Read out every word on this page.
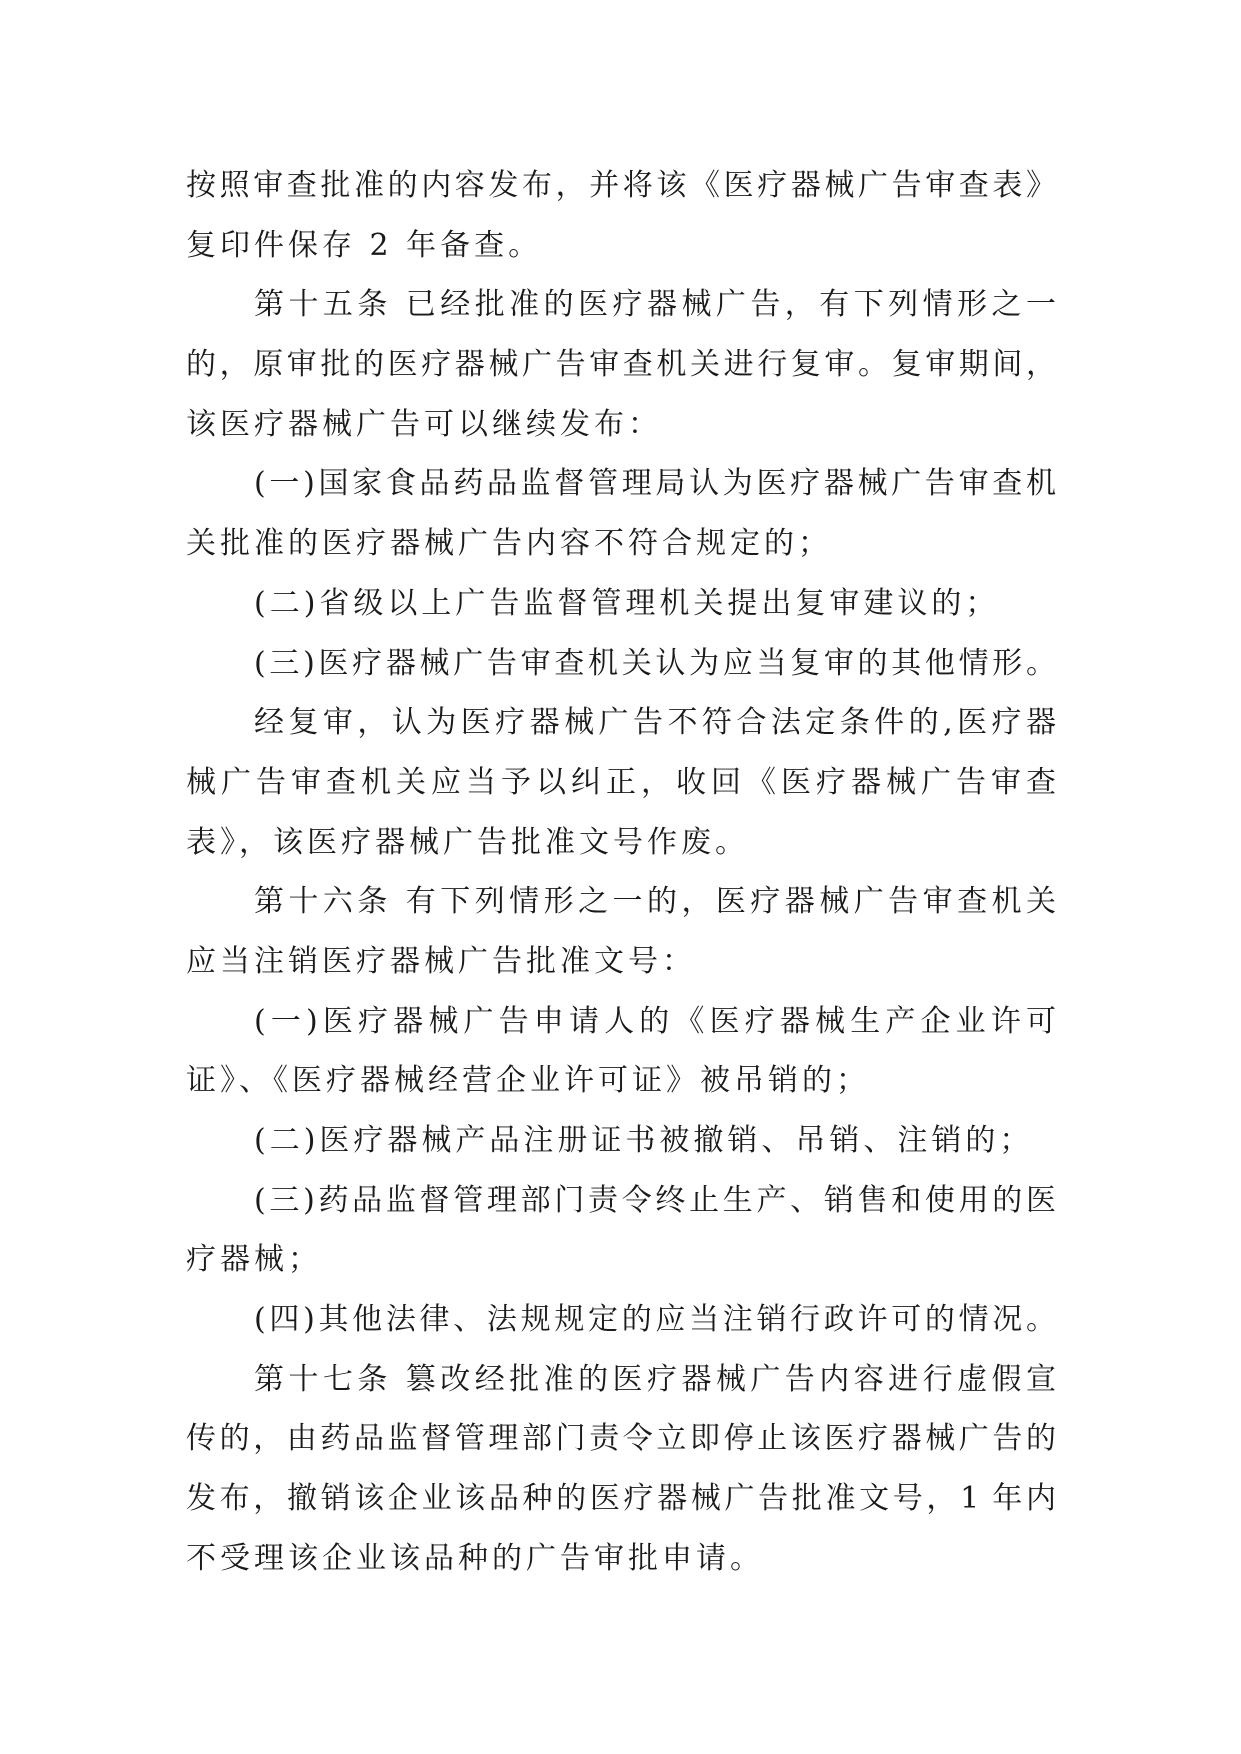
按照审查批准的内容发布，并将该《医疗器械广告审查表》
复印件保存 2 年备查。
第十五条 已经批准的医疗器械广告，有下列情形之一
的，原审批的医疗器械广告审查机关进行复审。复审期间，
该医疗器械广告可以继续发布：
(一)国家食品药品监督管理局认为医疗器械广告审查机
关批准的医疗器械广告内容不符合规定的；
(二)省级以上广告监督管理机关提出复审建议的；
(三)医疗器械广告审查机关认为应当复审的其他情形。
经复审，认为医疗器械广告不符合法定条件的,医疗器
械广告审查机关应当予以纠正，收回《医疗器械广告审查
表》，该医疗器械广告批准文号作废。
第十六条 有下列情形之一的，医疗器械广告审查机关
应当注销医疗器械广告批准文号：
(一)医疗器械广告申请人的《医疗器械生产企业许可
证》、《医疗器械经营企业许可证》被吊销的；
(二)医疗器械产品注册证书被撤销、吊销、注销的；
(三)药品监督管理部门责令终止生产、销售和使用的医
疗器械；
(四)其他法律、法规规定的应当注销行政许可的情况。
第十七条 篡改经批准的医疗器械广告内容进行虚假宣
传的，由药品监督管理部门责令立即停止该医疗器械广告的
发布，撤销该企业该品种的医疗器械广告批准文号，1 年内
不受理该企业该品种的广告审批申请。
